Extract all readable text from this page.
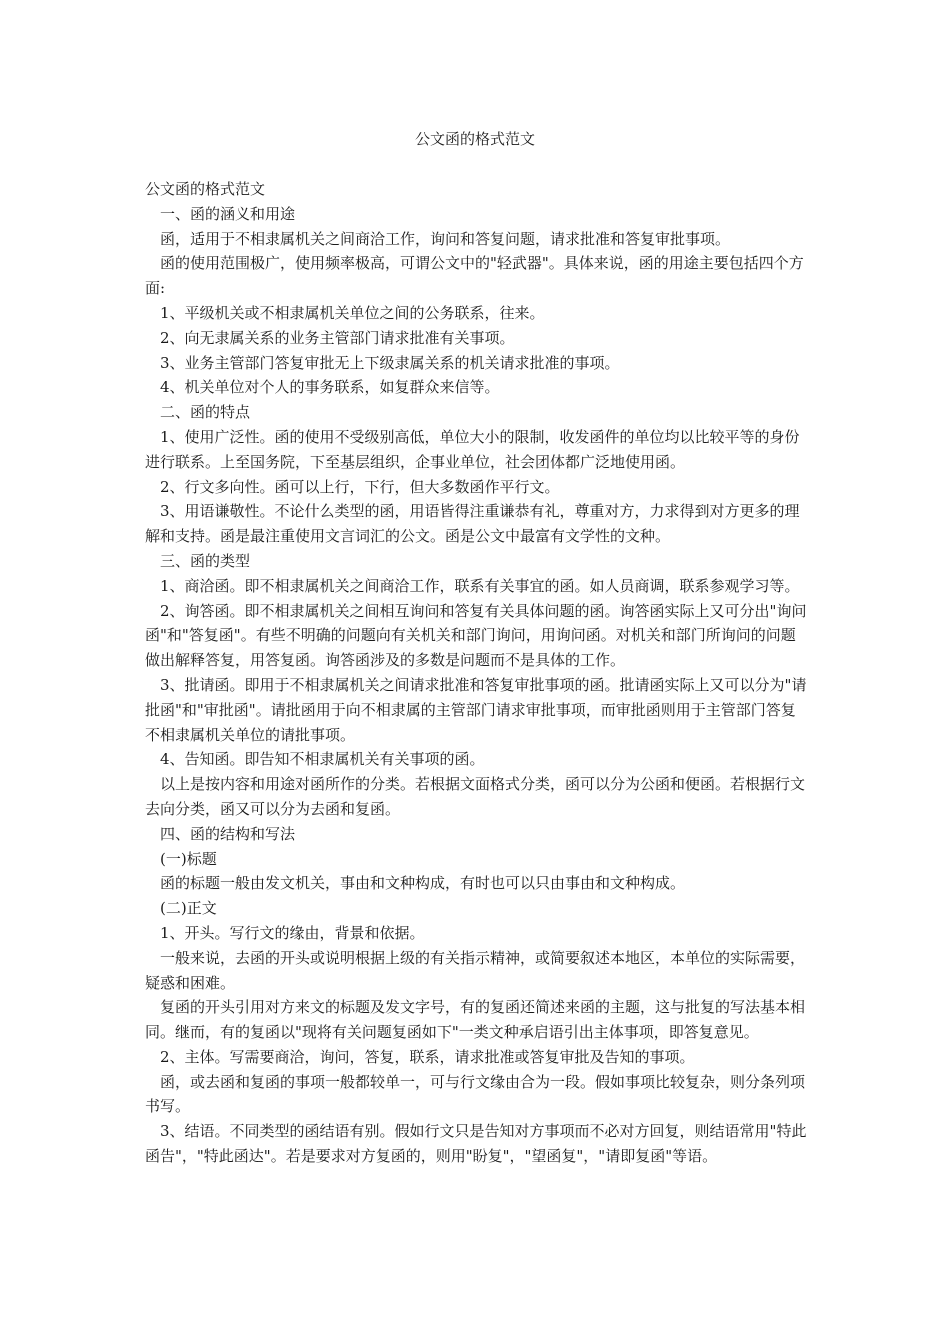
公文函的格式范文

公文函的格式范文

一、函的涵义和用途

函，适用于不相隶属机关之间商洽工作，询问和答复问题，请求批准和答复审批事项。

函的使用范围极广，使用频率极高，可谓公文中的"轻武器"。具体来说，函的用途主要包括四个方面:

1、平级机关或不相隶属机关单位之间的公务联系，往来。

2、向无隶属关系的业务主管部门请求批准有关事项。

3、业务主管部门答复审批无上下级隶属关系的机关请求批准的事项。

4、机关单位对个人的事务联系，如复群众来信等。

二、函的特点

1、使用广泛性。函的使用不受级别高低，单位大小的限制，收发函件的单位均以比较平等的身份进行联系。上至国务院，下至基层组织，企事业单位，社会团体都广泛地使用函。

2、行文多向性。函可以上行，下行，但大多数函作平行文。

3、用语谦敬性。不论什么类型的函，用语皆得注重谦恭有礼，尊重对方，力求得到对方更多的理解和支持。函是最注重使用文言词汇的公文。函是公文中最富有文学性的文种。

三、函的类型

1、商洽函。即不相隶属机关之间商洽工作，联系有关事宜的函。如人员商调，联系参观学习等。

2、询答函。即不相隶属机关之间相互询问和答复有关具体问题的函。询答函实际上又可分出"询问函"和"答复函"。有些不明确的问题向有关机关和部门询问，用询问函。对机关和部门所询问的问题做出解释答复，用答复函。询答函涉及的多数是问题而不是具体的工作。

3、批请函。即用于不相隶属机关之间请求批准和答复审批事项的函。批请函实际上又可以分为"请批函"和"审批函"。请批函用于向不相隶属的主管部门请求审批事项，而审批函则用于主管部门答复不相隶属机关单位的请批事项。

4、告知函。即告知不相隶属机关有关事项的函。

以上是按内容和用途对函所作的分类。若根据文面格式分类，函可以分为公函和便函。若根据行文去向分类，函又可以分为去函和复函。

四、函的结构和写法

(一)标题

函的标题一般由发文机关，事由和文种构成，有时也可以只由事由和文种构成。

(二)正文

1、开头。写行文的缘由，背景和依据。

一般来说，去函的开头或说明根据上级的有关指示精神，或简要叙述本地区，本单位的实际需要，疑惑和困难。

复函的开头引用对方来文的标题及发文字号，有的复函还简述来函的主题，这与批复的写法基本相同。继而，有的复函以"现将有关问题复函如下"一类文种承启语引出主体事项，即答复意见。

2、主体。写需要商洽，询问，答复，联系，请求批准或答复审批及告知的事项。

函，或去函和复函的事项一般都较单一，可与行文缘由合为一段。假如事项比较复杂，则分条列项书写。

3、结语。不同类型的函结语有别。假如行文只是告知对方事项而不必对方回复，则结语常用"特此函告"，"特此函达"。若是要求对方复函的，则用"盼复"，"望函复"，"请即复函"等语。
